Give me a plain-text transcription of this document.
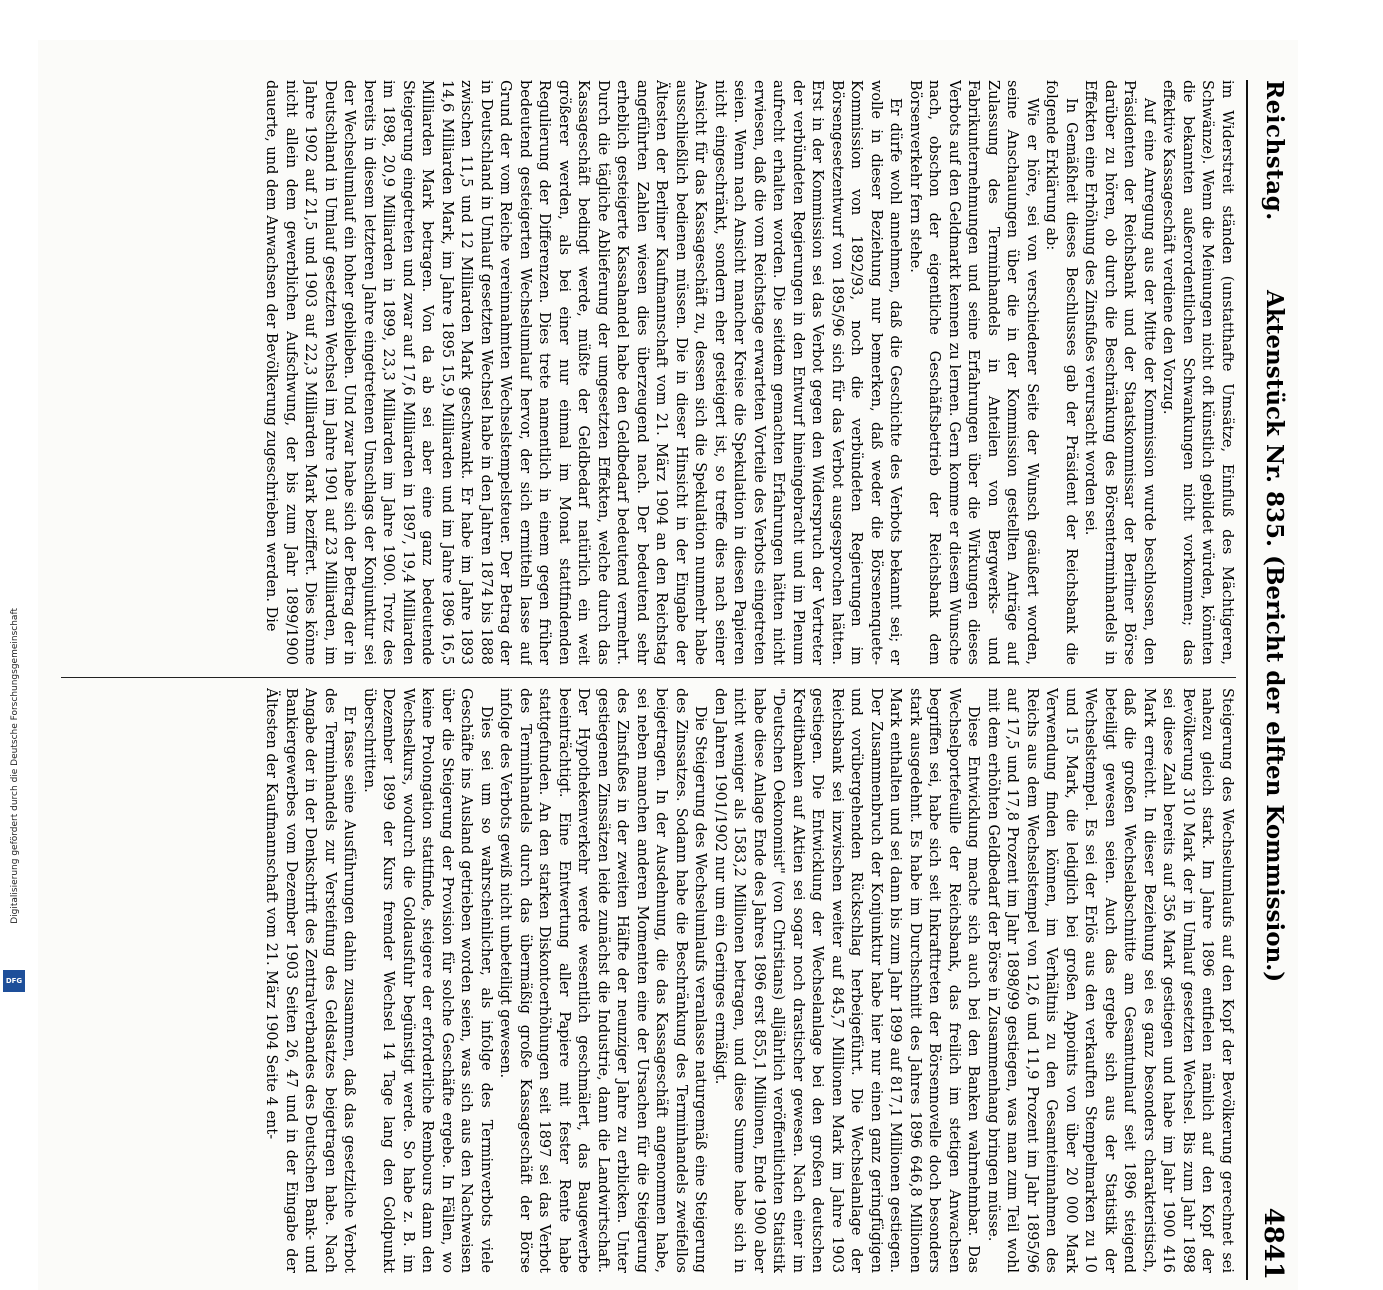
Reichstag.
Aktenstück Nr. 835. (Bericht der elften Kommission.)
4841

im Widerstreit ständen (unstatthafte Umsätze, Einfluß des Mächtigeren, Schwänze). Wenn die Meinungen nicht oft künstlich gebildet würden, könnten die bekannten außerordentlichen Schwankungen nicht vorkommen; das effektive Kassageschäft verdiene den Vorzug.

Auf eine Anregung aus der Mitte der Kommission wurde beschlossen, den Präsidenten der Reichsbank und der Staatskommissar der Berliner Börse darüber zu hören, ob durch die Beschränkung des Börsenterminhandels in Effekten eine Erhöhung des Zinsfußes verursacht worden sei.

In Gemäßheit dieses Beschlusses gab der Präsident der Reichsbank die folgende Erklärung ab:

Wie er höre, sei von verschiedener Seite der Wunsch geäußert worden, seine Anschauungen über die in der Kommission gestellten Anträge auf Zulassung des Terminhandels in Anteilen von Bergwerks- und Fabrikunternehmungen und seine Erfahrungen über die Wirkungen dieses Verbots auf den Geldmarkt kennen zu lernen. Gern komme er diesem Wunsche nach, obschon der eigentliche Geschäftsbetrieb der Reichsbank dem Börsenverkehr fern stehe.

Er dürfe wohl annehmen, daß die Geschichte des Verbots bekannt sei; er wolle in dieser Beziehung nur bemerken, daß weder die Börsenenquete-Kommission von 1892/93, noch die verbündeten Regierungen im Börsengesetzentwurf von 1895/96 sich für das Verbot ausgesprochen hätten. Erst in der Kommission sei das Verbot gegen den Widerspruch der Vertreter der verbündeten Regierungen in den Entwurf hineingebracht und im Plenum aufrecht erhalten worden. Die seitdem gemachten Erfahrungen hätten nicht erwiesen, daß die vom Reichstage erwarteten Vorteile des Verbots eingetreten seien. Wenn nach Ansicht mancher Kreise die Spekulation in diesen Papieren nicht eingeschränkt, sondern eher gesteigert ist, so treffe dies nach seiner Ansicht für das Kassageschäft zu, dessen sich die Spekulation nunmehr habe ausschließlich bedienen müssen. Die in dieser Hinsicht in der Eingabe der Ältesten der Berliner Kaufmannschaft vom 21. März 1904 an den Reichstag angeführten Zahlen wiesen dies überzeugend nach. Der bedeutend sehr erheblich gesteigerte Kassahandel habe den Geldbedarf bedeutend vermehrt. Durch die tägliche Ablieferung der umgesetzten Effekten, welche durch das Kassageschäft bedingt werde, müßte der Geldbedarf natürlich ein weit größerer werden, als bei einer nur einmal im Monat stattfindenden Regulierung der Differenzen. Dies trete namentlich in einem gegen früher bedeutend gesteigerten Wechselumlauf hervor, der sich ermitteln lasse auf Grund der vom Reiche vereinnahmten Wechselstempelsteuer. Der Betrag der in Deutschland in Umlauf gesetzten Wechsel habe in den Jahren 1874 bis 1888 zwischen 11,5 und 12 Milliarden Mark geschwankt. Er habe im Jahre 1893 14,6 Milliarden Mark, im Jahre 1895 15,9 Milliarden und im Jahre 1896 16,5 Milliarden Mark betragen. Von da ab sei aber eine ganz bedeutende Steigerung eingetreten und zwar auf 17,6 Milliarden in 1897, 19,4 Milliarden im 1898, 20,9 Milliarden in 1899, 23,3 Milliarden im Jahre 1900. Trotz des bereits in diesem letzteren Jahre eingetretenen Umschlags der Konjunktur sei der Wechselumlauf ein hoher geblieben. Und zwar habe sich der Betrag der in Deutschland in Umlauf gesetzten Wechsel im Jahre 1901 auf 23 Milliarden, im Jahre 1902 auf 21,5 und 1903 auf 22,3 Milliarden Mark beziffert. Dies könne nicht allein dem gewerblichen Aufschwung, der bis zum Jahr 1899/1900 dauerte, und dem Anwachsen der Bevölkerung zugeschrieben werden. Die

Steigerung des Wechselumlaufs auf den Kopf der Bevölkerung gerechnet sei nahezu gleich stark. Im Jahre 1896 entfielen nämlich auf den Kopf der Bevölkerung 310 Mark der in Umlauf gesetzten Wechsel. Bis zum Jahr 1898 sei diese Zahl bereits auf 356 Mark gestiegen und habe im Jahr 1900 416 Mark erreicht. In dieser Beziehung sei es ganz besonders charakteristisch, daß die großen Wechselabschnitte am Gesamtumlauf seit 1896 steigend beteiligt gewesen seien. Auch das ergebe sich aus der Statistik der Wechselstempel. Es sei der Erlös aus den verkauften Stempelmarken zu 10 und 15 Mark, die lediglich bei großen Appoints von über 20 000 Mark Verwendung finden können, im Verhältnis zu den Gesamteinnahmen des Reichs aus dem Wechselstempel von 12,6 und 11,9 Prozent im Jahr 1895/96 auf 17,5 und 17,8 Prozent im Jahr 1898/99 gestiegen, was man zum Teil wohl mit dem erhöhten Geldbedarf der Börse in Zusammenhang bringen müsse.

Diese Entwicklung mache sich auch bei den Banken wahrnehmbar. Das Wechselportefeuille der Reichsbank, das freilich im stetigen Anwachsen begriffen sei, habe sich seit Inkrafttreten der Börsennovelle doch besonders stark ausgedehnt. Es habe im Durchschnitt des Jahres 1896 646,8 Millionen Mark enthalten und sei dann bis zum Jahr 1899 auf 817,1 Millionen gestiegen. Der Zusammenbruch der Konjunktur habe hier nur einen ganz geringfügigen und vorübergehenden Rückschlag herbeigeführt. Die Wechselanlage der Reichsbank sei inzwischen weiter auf 845,7 Millionen Mark im Jahre 1903 gestiegen. Die Entwicklung der Wechselanlage bei den großen deutschen Kreditbanken auf Aktien sei sogar noch drastischer gewesen. Nach einer im "Deutschen Oekonomist" (von Christians) alljährlich veröffentlichten Statistik habe diese Anlage Ende des Jahres 1896 erst 855,1 Millionen, Ende 1900 aber nicht weniger als 1583,2 Millionen betragen, und diese Summe habe sich in den Jahren 1901/1902 nur um ein Geringes ermäßigt.

Die Steigerung des Wechselumlaufs veranlasse naturgemäß eine Steigerung des Zinssatzes. Sodann habe die Beschränkung des Terminhandels zweifellos beigetragen. In der Ausdehnung, die das Kassageschäft angenommen habe, sei neben manchen anderen Momenten eine der Ursachen für die Steigerung des Zinsfußes in der zweiten Hälfte der neunziger Jahre zu erblicken. Unter gestiegenen Zinssätzen leide zunächst die Industrie, dann die Landwirtschaft. Der Hypothekenverkehr werde wesentlich geschmälert, das Baugewerbe beeinträchtigt. Eine Entwertung aller Papiere mit fester Rente habe stattgefunden. An den starken Diskontoerhöhungen seit 1897 sei das Verbot des Terminhandels durch das übermäßig große Kassageschäft der Börse infolge des Verbots gewiß nicht unbeteiligt gewesen.

Dies sei um so wahrscheinlicher, als infolge des Terminverbots viele Geschäfte ins Ausland getrieben worden seien, was sich aus den Nachweisen über die Steigerung der Provision für solche Geschäfte ergebe. In Fällen, wo keine Prolongation stattfinde, steigere der erforderliche Rembours dann den Wechselkurs, wodurch die Goldausfuhr begünstigt werde. So habe z. B. im Dezember 1899 der Kurs fremder Wechsel 14 Tage lang den Goldpunkt überschritten.

Er fasse seine Ausführungen dahin zusammen, daß das gesetzliche Verbot des Terminhandels zur Versteifung des Geldsatzes beigetragen habe. Nach Angabe der in der Denkschrift des Zentralverbandes des Deutschen Bank- und Bankiergewerbes vom Dezember 1903 Seiten 26, 47 und in der Eingabe der Ältesten der Kaufmannschaft vom 21. März 1904 Seite 4 ent-

Digitalisierung gefördert durch die Deutsche Forschungsgemeinschaft
DFG
